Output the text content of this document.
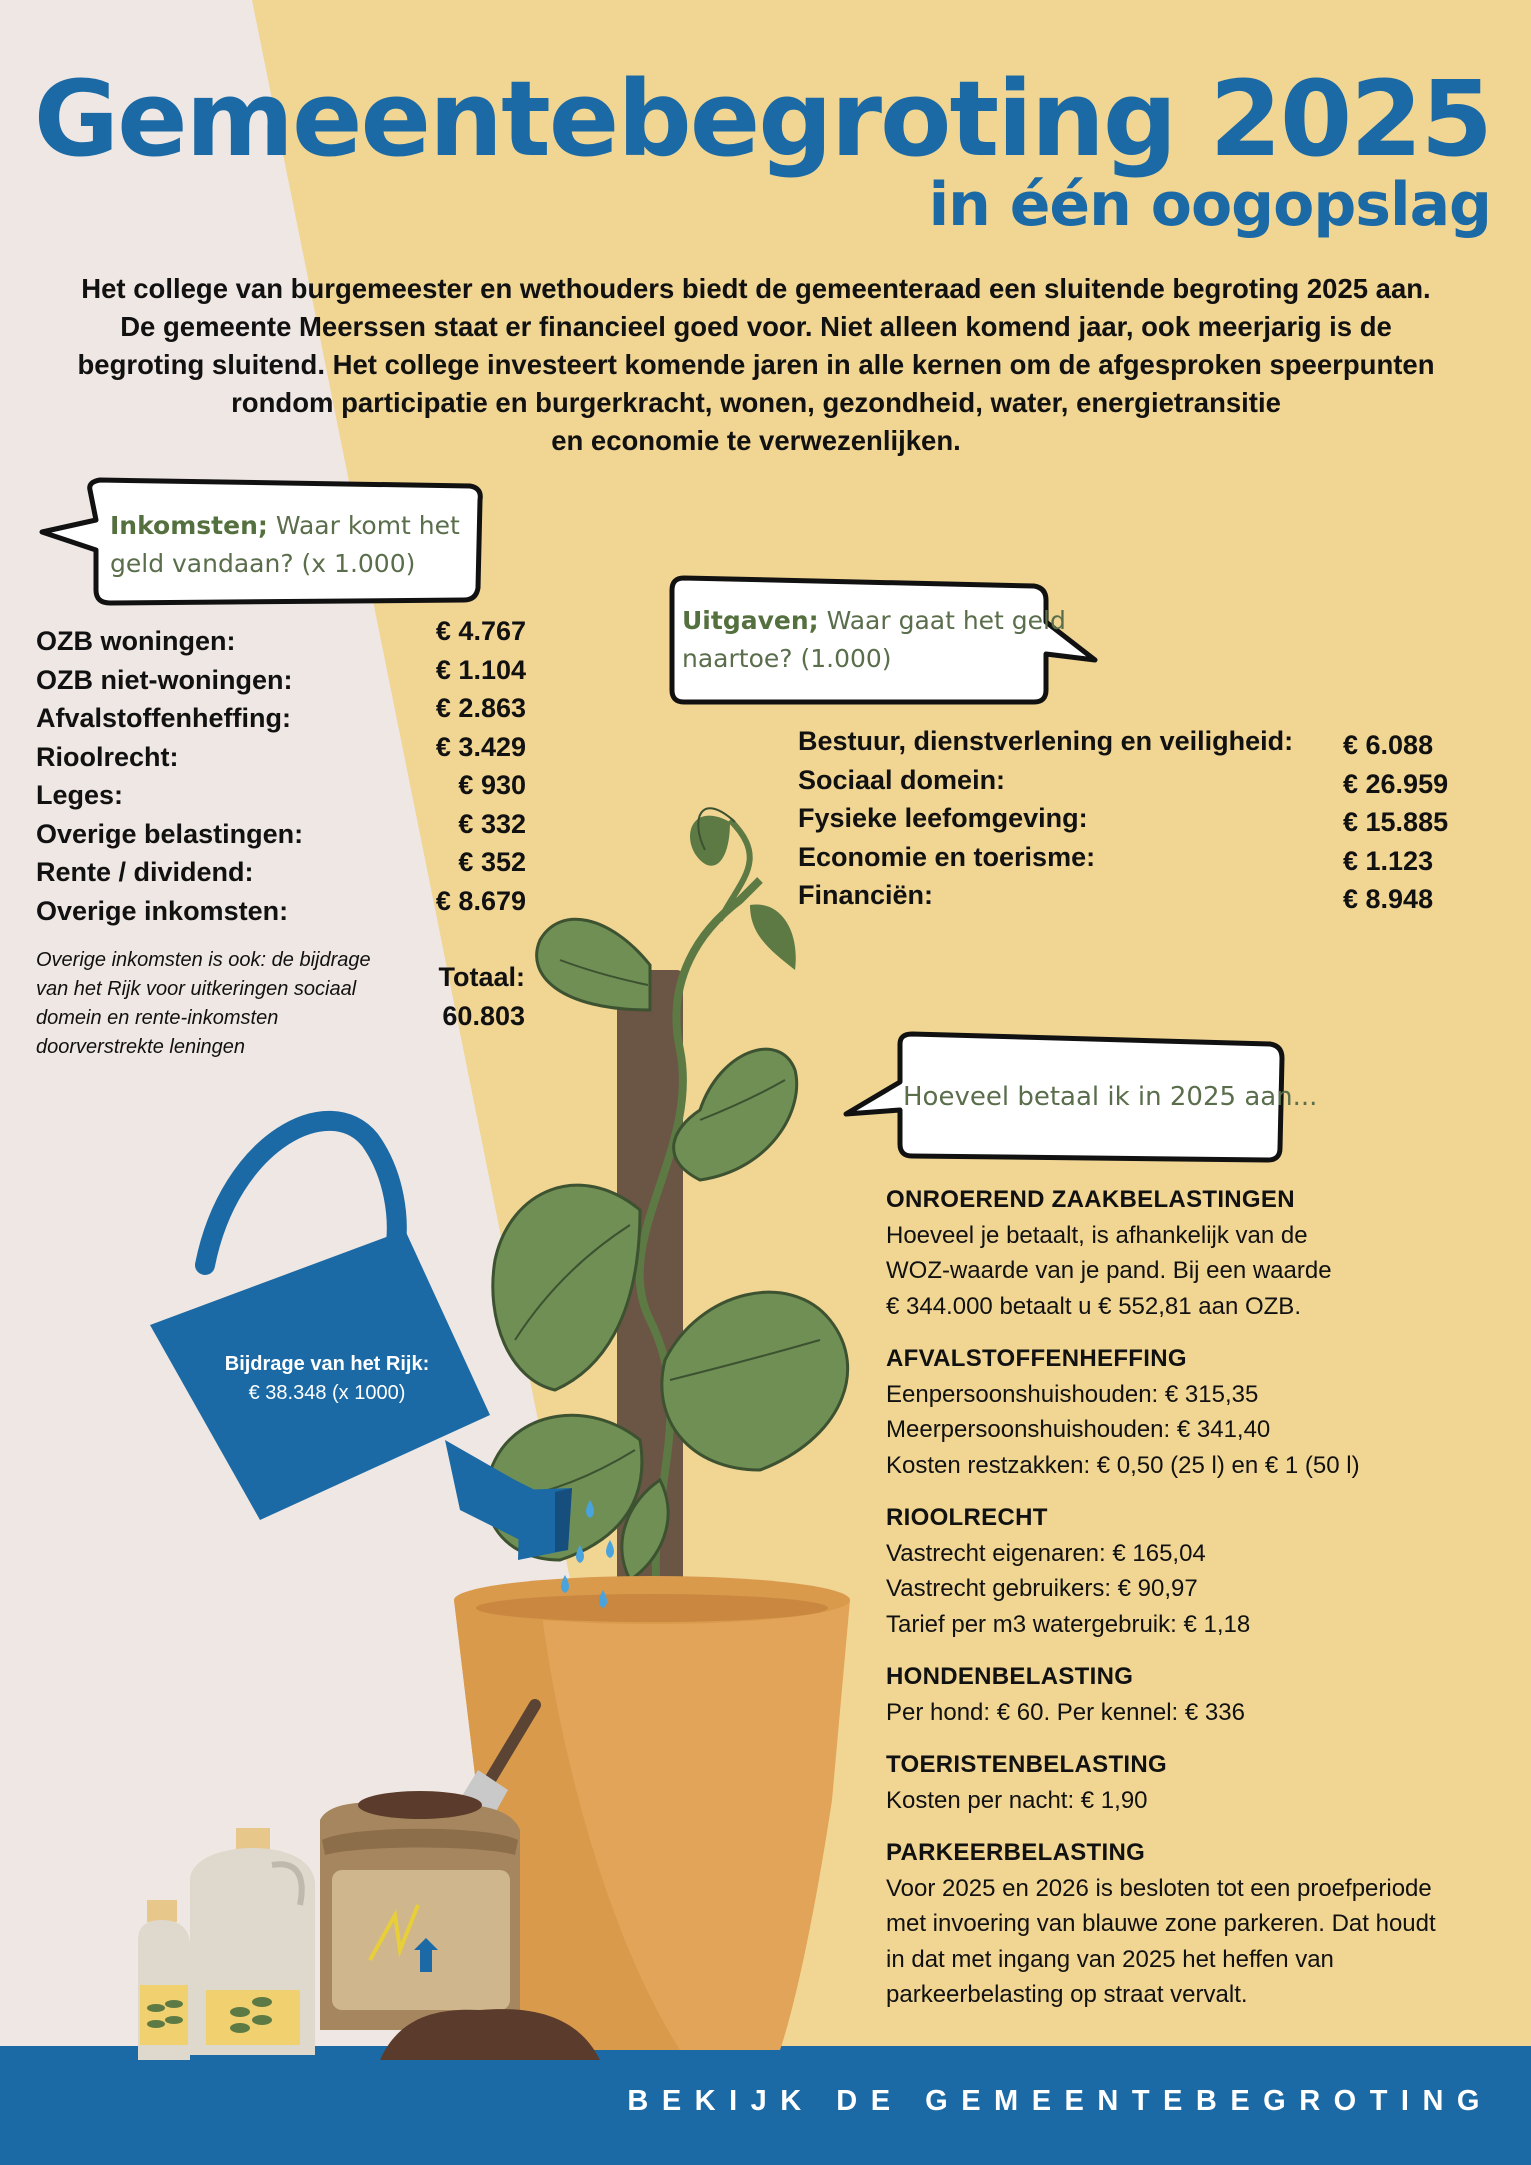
Gemeentebegroting 2025
in één oogopslag

Het college van burgemeester en wethouders biedt de gemeenteraad een sluitende begroting 2025 aan.

De gemeente Meerssen staat er financieel goed voor. Niet alleen komend jaar, ook meerjarig is de

begroting sluitend. Het college investeert komende jaren in alle kernen om de afgesproken speerpunten

rondom participatie en burgerkracht, wonen, gezondheid, water, energietransitie

en economie te verwezenlijken.

Inkomsten; Waar komt het
geld vandaan? (x 1.000)
OZB woningen:	€ 4.767
OZB niet-woningen:	€ 1.104
Afvalstoffenheffing:	€ 2.863
Rioolrecht:	€ 3.429
Leges:	€ 930
Overige belastingen:	€ 332
Rente / dividend:	€ 352
Overige inkomsten:	€ 8.679
Overige inkomsten is ook: de bijdrage
van het Rijk voor uitkeringen sociaal
domein en rente-inkomsten
doorverstrekte leningen
Totaal:
60.803
Uitgaven; Waar gaat het geld
naartoe? (1.000)
Bestuur, dienstverlening en veiligheid: € 6.088
Sociaal domein:	€ 26.959
Fysieke leefomgeving:	€ 15.885
Economie en toerisme:	€ 1.123
Financiën:	€ 8.948
Bijdrage van het Rijk:
€ 38.348 (x 1000)
Hoeveel betaal ik in 2025 aan...
ONROEREND ZAAKBELASTINGEN
Hoeveel je betaalt, is afhankelijk van de
WOZ-waarde van je pand. Bij een waarde
€ 344.000 betaalt u € 552,81 aan OZB.
AFVALSTOFFENHEFFING
Eenpersoonshuishouden: € 315,35
Meerpersoonshuishouden: € 341,40
Kosten restzakken: € 0,50 (25 l) en € 1 (50 l)
RIOOLRECHT
Vastrecht eigenaren: € 165,04
Vastrecht gebruikers: € 90,97
Tarief per m3 watergebruik: € 1,18
HONDENBELASTING
Per hond: € 60. Per kennel: € 336
TOERISTENBELASTING
Kosten per nacht: € 1,90
PARKEERBELASTING
Voor 2025 en 2026 is besloten tot een proefperiode
met invoering van blauwe zone parkeren. Dat houdt
in dat met ingang van 2025 het heffen van
parkeerbelasting op straat vervalt.
BEKIJK DE GEMEENTEBEGROTING
